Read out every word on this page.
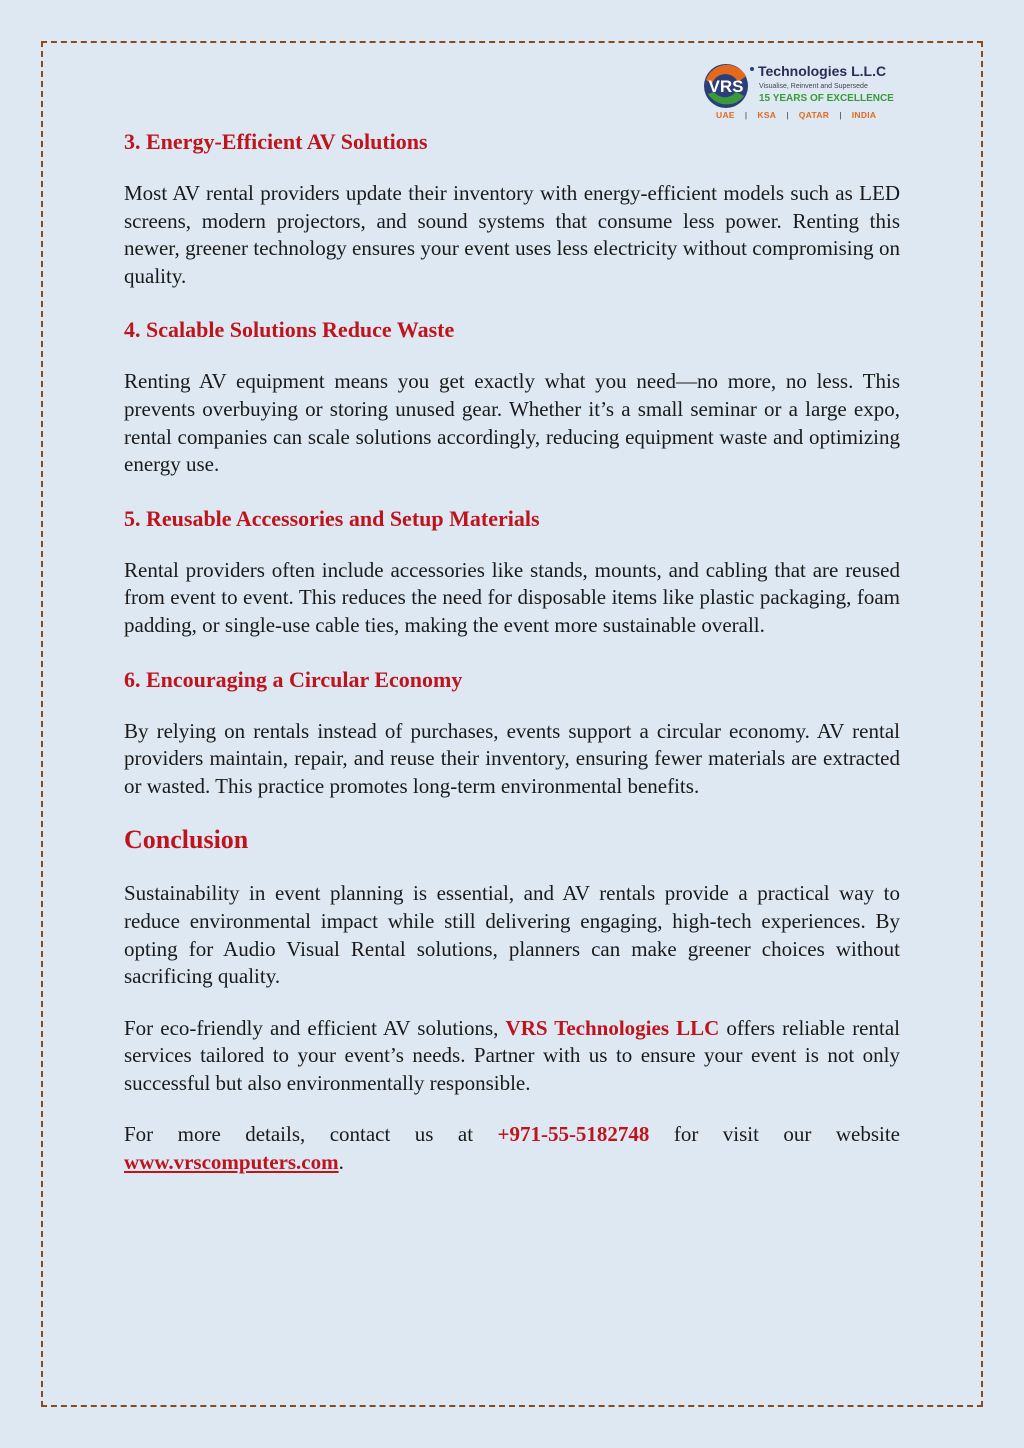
VRS
Technologies L.L.C
Visualise, Reinvent and Supersede
15 YEARS OF EXCELLENCE
UAE | KSA | QATAR | INDIA
3. Energy-Efficient AV Solutions

Most AV rental providers update their inventory with energy-efficient models such as LED screens, modern projectors, and sound systems that consume less power. Renting this newer, greener technology ensures your event uses less electricity without compromising on quality.

4. Scalable Solutions Reduce Waste

Renting AV equipment means you get exactly what you need—no more, no less. This prevents overbuying or storing unused gear. Whether it’s a small seminar or a large expo, rental companies can scale solutions accordingly, reducing equipment waste and optimizing energy use.

5. Reusable Accessories and Setup Materials

Rental providers often include accessories like stands, mounts, and cabling that are reused from event to event. This reduces the need for disposable items like plastic packaging, foam padding, or single-use cable ties, making the event more sustainable overall.

6. Encouraging a Circular Economy

By relying on rentals instead of purchases, events support a circular economy. AV rental providers maintain, repair, and reuse their inventory, ensuring fewer materials are extracted or wasted. This practice promotes long-term environmental benefits.

Conclusion

Sustainability in event planning is essential, and AV rentals provide a practical way to reduce environmental impact while still delivering engaging, high-tech experiences. By opting for Audio Visual Rental solutions, planners can make greener choices without sacrificing quality.

For eco-friendly and efficient AV solutions, VRS Technologies LLC offers reliable rental services tailored to your event’s needs. Partner with us to ensure your event is not only successful but also environmentally responsible.

For more details, contact us at +971-55-5182748 for visit our website www.vrscomputers.com.
